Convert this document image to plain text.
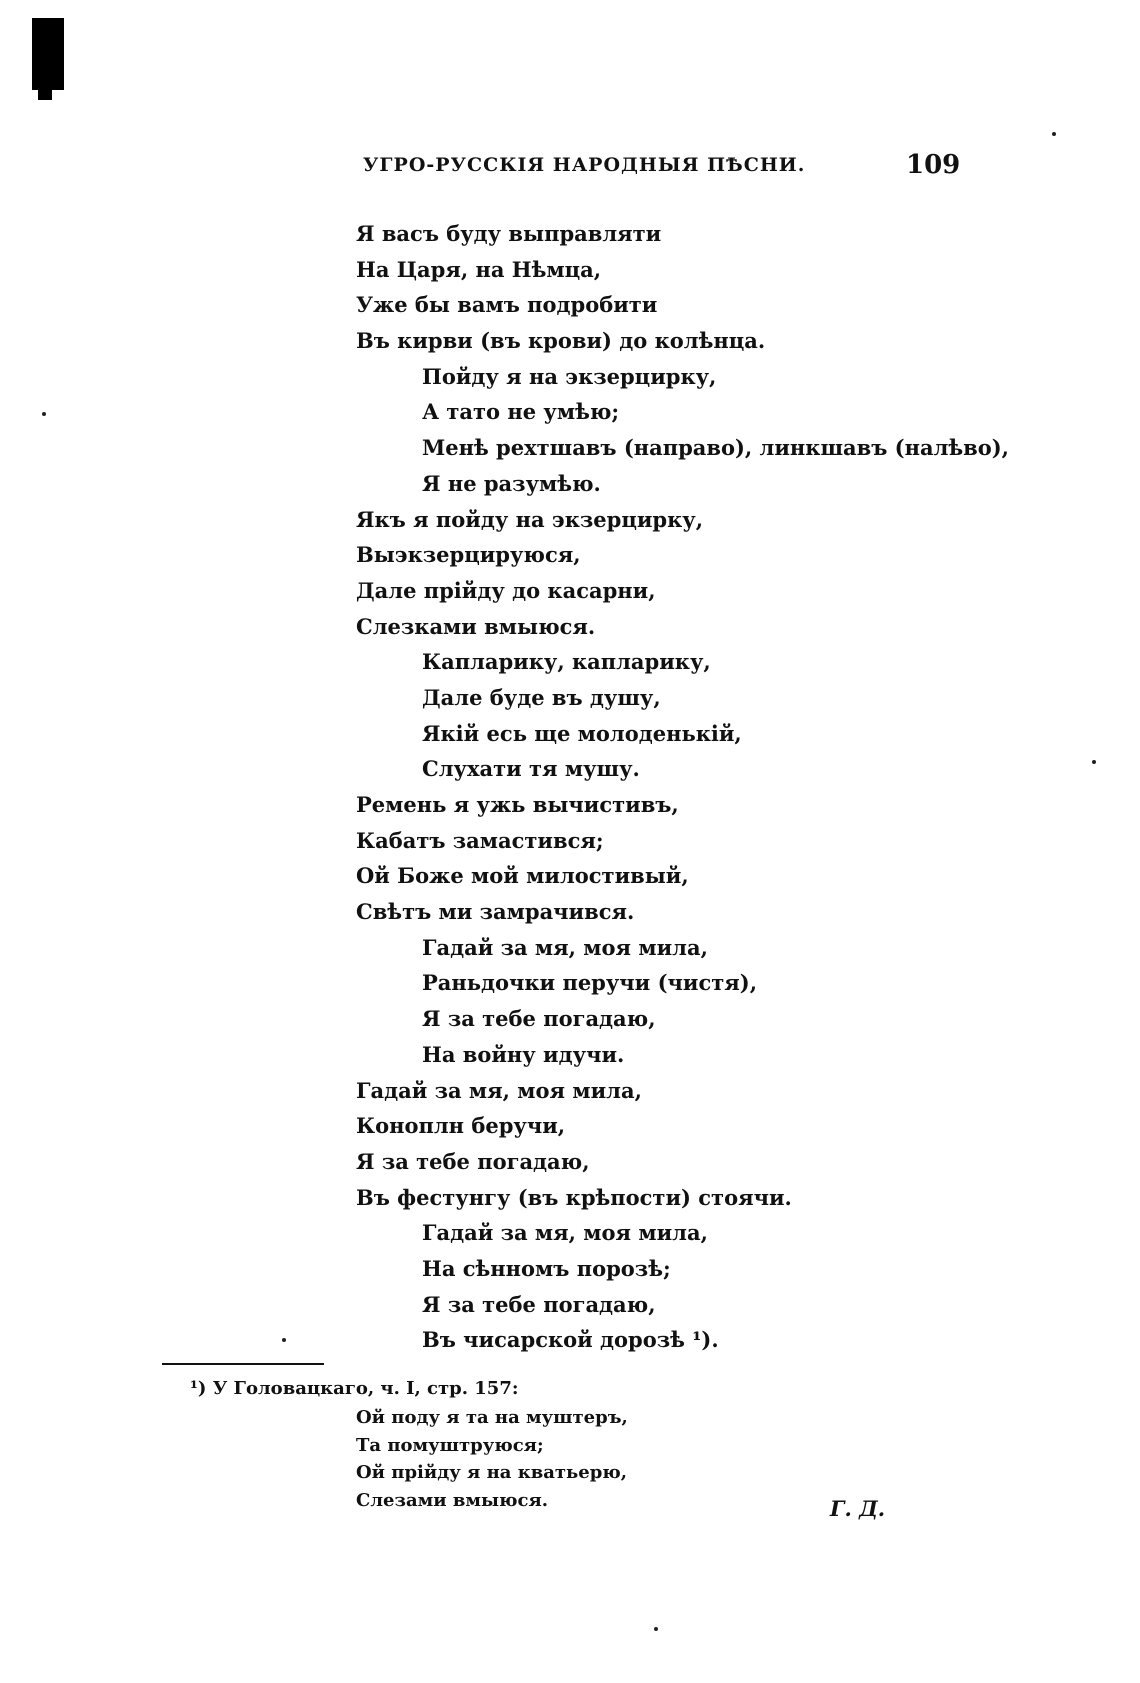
УГРО-РУССКІЯ НАРОДНЫЯ ПѢСНИ.	109
Я васъ буду выправляти
На Царя, на Нѣмца,
Уже бы вамъ подробити
Въ кирви (въ крови) до колѣнца.
Пойду я на экзерцирку,
А тато не умѣю;
Менѣ рехтшавъ (направо), линкшавъ (налѣво),
Я не разумѣю.
Якъ я пойду на экзерцирку,
Выэкзерцируюся,
Дале прійду до касарни,
Слезками вмыюся.
Капларику, капларику,
Дале буде въ душу,
Якій есь ще молоденькій,
Слухати тя мушу.
Ремень я ужь вычиcтивъ,
Кабатъ замастився;
Ой Боже мой милостивый,
Свѣтъ ми замрачився.
Гадай за мя, моя мила,
Раньдочки перучи (чистя),
Я за тебе погадаю,
На войну идучи.
Гадай за мя, моя мила,
Коноплн беручи,
Я за тебе погадаю,
Въ фестунгу (въ крѣпости) стоячи.
Гадай за мя, моя мила,
На сѣнномъ порозѣ;
Я за тебе погадаю,
Въ чисарской дорозѣ ¹).
¹) У Головацкаго, ч. I, стр. 157:
Ой поду я та на муштеръ,
Та помуштруюся;
Ой прійду я на кватьерю,
Слезами вмыюся.	Г. Д.
